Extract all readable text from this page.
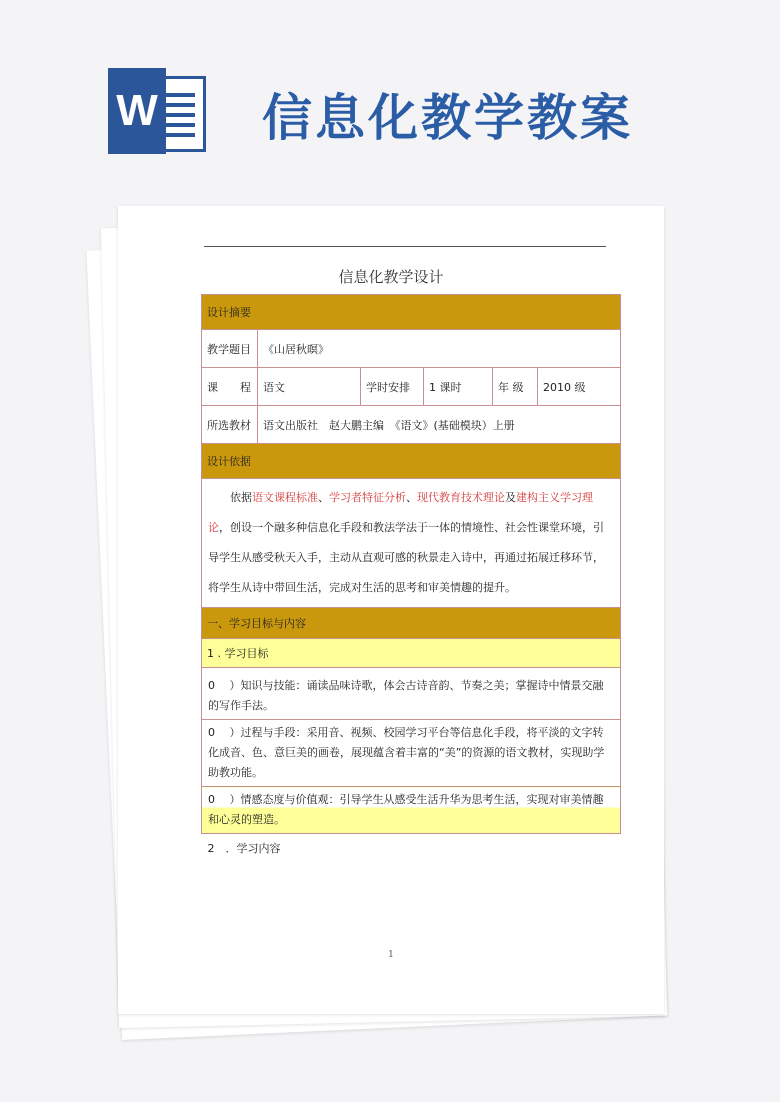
W 信息化教学教案
信息化教学设计
设计摘要					
教学题目	《山居秋暝》				
课　　程	语文	学时安排	1 课时	年 级	2010 级
所选教材	语文出版社　赵大鹏主编　《语文》(基础模块）上册				
设计依据					
依据语文课程标准、学习者特征分析、现代教育技术理论及建构主义学习理论，创设一个融多种信息化手段和教法学法于一体的情境性、社会性课堂环境，引导学生从感受秋天入手，主动从直观可感的秋景走入诗中，再通过拓展迁移环节，将学生从诗中带回生活，完成对生活的思考和审美情趣的提升。					
一、学习目标与内容					
1 . 学习目标					
0　 ）知识与技能：诵读品味诗歌，体会古诗音韵、节奏之美；掌握诗中情景交融的写作手法。					
0　 ）过程与手段：采用音、视频、校园学习平台等信息化手段，将平淡的文字转化成音、色、意巨美的画卷，展现蕴含着丰富的“美”的资源的语文教材，实现助学助教功能。					
0　 ）情感态度与价值观：引导学生从感受生活升华为思考生活，实现对审美情趣和心灵的塑造。					
2　．学习内容					
1
